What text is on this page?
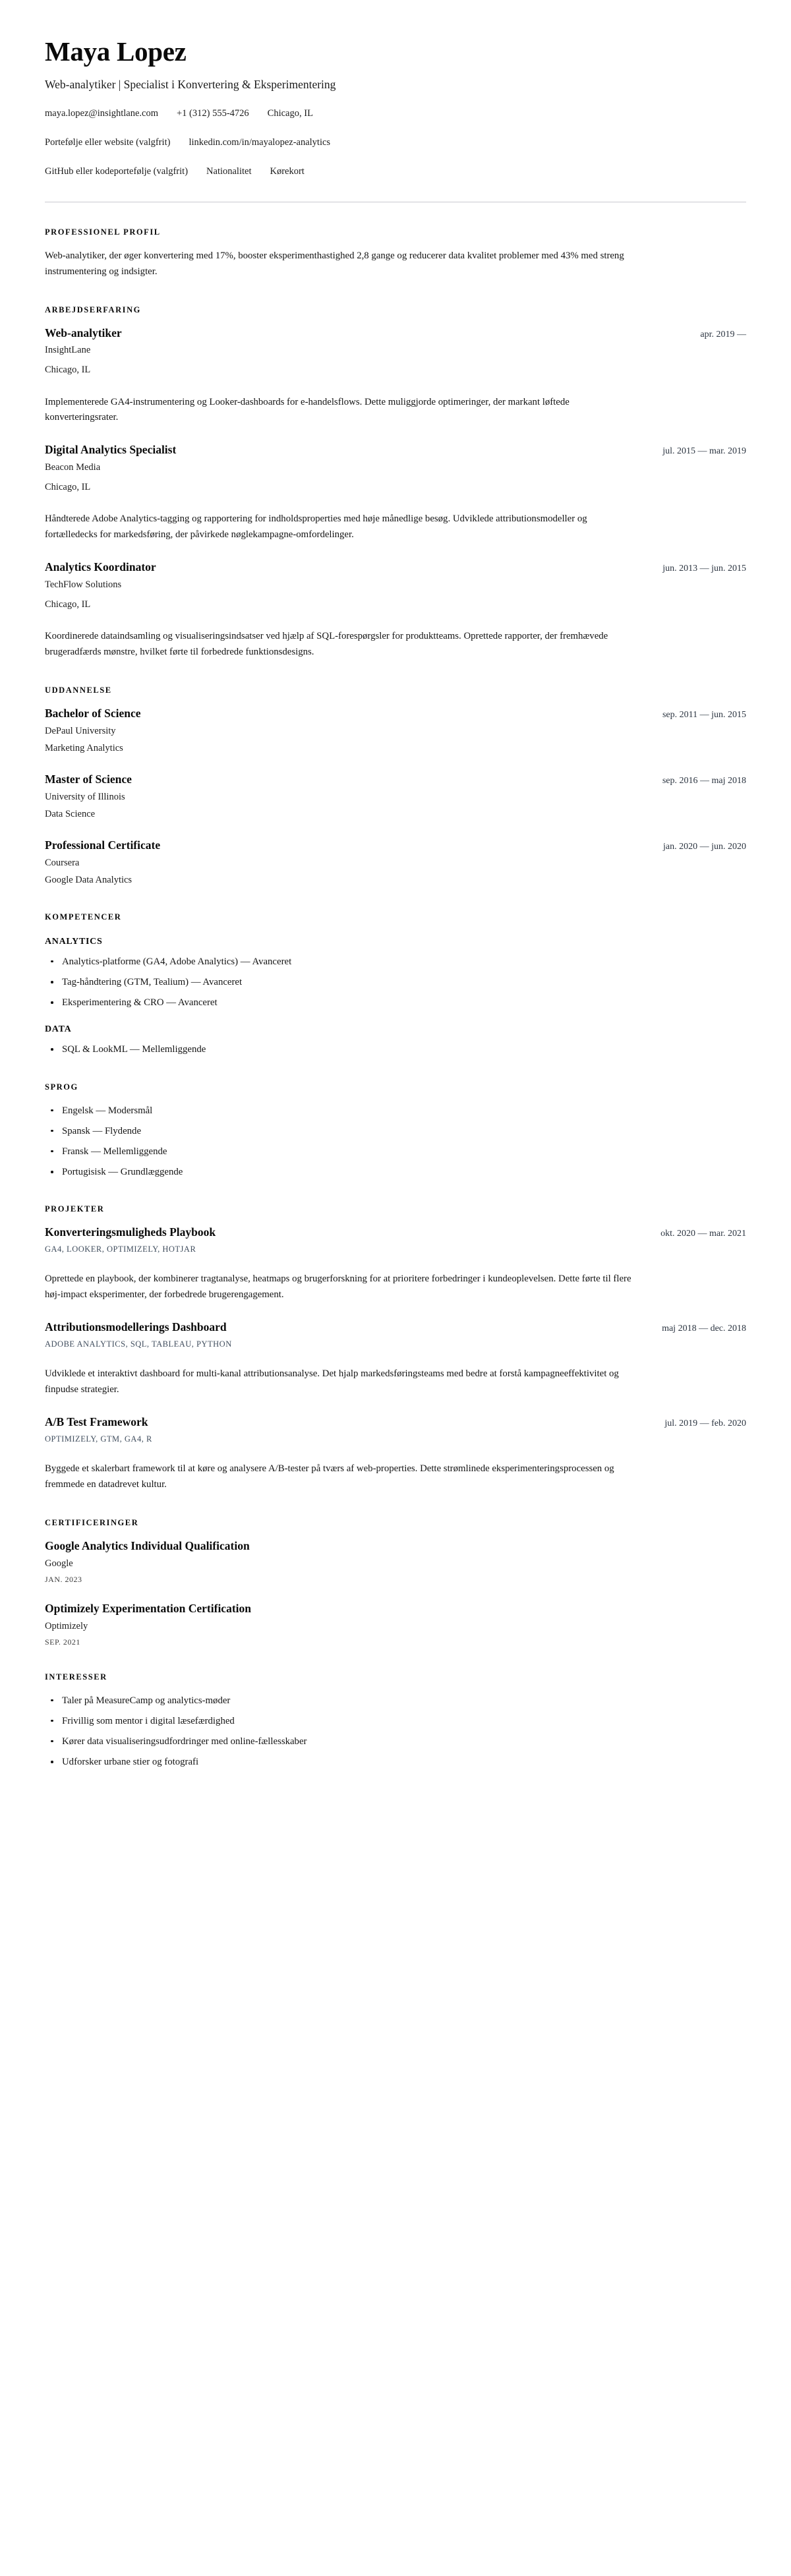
Maya Lopez
Web-analytiker | Specialist i Konvertering & Eksperimentering
maya.lopez@insightlane.com +1 (312) 555-4726 Chicago, IL
Portefølje eller website (valgfrit) linkedin.com/in/mayalopez-analytics
GitHub eller kodeportefølje (valgfrit) Nationalitet Kørekort
PROFESSIONEL PROFIL

Web-analytiker, der øger konvertering med 17%, booster eksperimenthastighed 2,8 gange og reducerer data kvalitet problemer med 43% med streng instrumentering og indsigter.

ARBEJDSERFARING
Web-analytiker	apr. 2019 —
InsightLane
Chicago, IL

Implementerede GA4-instrumentering og Looker-dashboards for e-handelsflows. Dette muliggjorde optimeringer, der markant løftede konverteringsrater.

Digital Analytics Specialist	jul. 2015 — mar. 2019
Beacon Media
Chicago, IL

Håndterede Adobe Analytics-tagging og rapportering for indholdsproperties med høje månedlige besøg. Udviklede attributionsmodeller og fortælledecks for markedsføring, der påvirkede nøglekampagne-omfordelinger.

Analytics Koordinator	jun. 2013 — jun. 2015
TechFlow Solutions
Chicago, IL

Koordinerede dataindsamling og visualiseringsindsatser ved hjælp af SQL-forespørgsler for produktteams. Oprettede rapporter, der fremhævede brugeradfærds mønstre, hvilket førte til forbedrede funktionsdesigns.

UDDANNELSE
Bachelor of Science	sep. 2011 — jun. 2015
DePaul University
Marketing Analytics
Master of Science	sep. 2016 — maj 2018
University of Illinois
Data Science
Professional Certificate	jan. 2020 — jun. 2020
Coursera
Google Data Analytics
KOMPETENCER
ANALYTICS
Analytics-platforme (GA4, Adobe Analytics) — Avanceret
Tag-håndtering (GTM, Tealium) — Avanceret
Eksperimentering & CRO — Avanceret
DATA
SQL & LookML — Mellemliggende
SPROG
Engelsk — Modersmål
Spansk — Flydende
Fransk — Mellemliggende
Portugisisk — Grundlæggende
PROJEKTER
Konverteringsmuligheds Playbook	okt. 2020 — mar. 2021
GA4, LOOKER, OPTIMIZELY, HOTJAR

Oprettede en playbook, der kombinerer tragtanalyse, heatmaps og brugerforskning for at prioritere forbedringer i kundeoplevelsen. Dette førte til flere høj-impact eksperimenter, der forbedrede brugerengagement.

Attributionsmodellerings Dashboard	maj 2018 — dec. 2018
ADOBE ANALYTICS, SQL, TABLEAU, PYTHON

Udviklede et interaktivt dashboard for multi-kanal attributionsanalyse. Det hjalp markedsføringsteams med bedre at forstå kampagneeffektivitet og finpudse strategier.

A/B Test Framework	jul. 2019 — feb. 2020
OPTIMIZELY, GTM, GA4, R

Byggede et skalerbart framework til at køre og analysere A/B-tester på tværs af web-properties. Dette strømlinede eksperimenteringsprocessen og fremmede en datadrevet kultur.

CERTIFICERINGER
Google Analytics Individual Qualification
Google
JAN. 2023
Optimizely Experimentation Certification
Optimizely
SEP. 2021
INTERESSER
Taler på MeasureCamp og analytics-møder
Frivillig som mentor i digital læsefærdighed
Kører data visualiseringsudfordringer med online-fællesskaber
Udforsker urbane stier og fotografi
